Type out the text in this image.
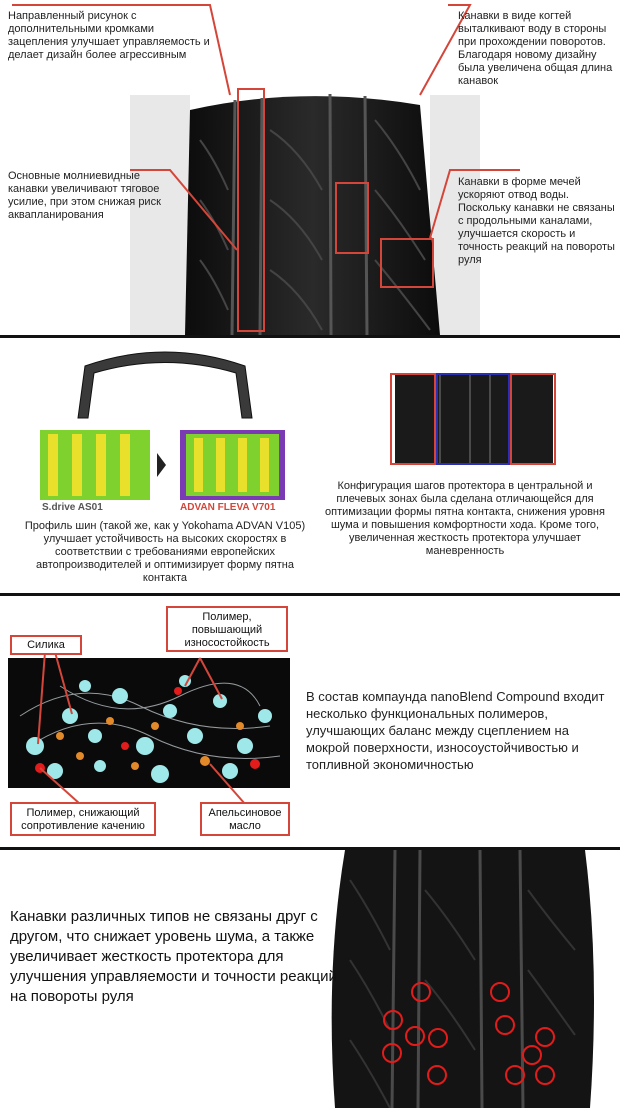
Направленный рисунок с дополнительными кромками зацепления улучшает управляемость и делает дизайн более агрессивным
Канавки в виде когтей выталкивают воду в стороны при прохождении поворотов. Благодаря новому дизайну была увеличена общая длина канавок
Основные молниевидные канавки увеличивают тяговое усилие, при этом снижая риск аквапланирования
Канавки в форме мечей ускоряют отвод воды. Поскольку канавки не связаны с продольными каналами, улучшается скорость и точность реакций на повороты руля
S.drive AS01	ADVAN FLEVA V701
Профиль шин (такой же, как у Yokohama ADVAN V105) улучшает устойчивость на высоких скоростях в соответствии с требованиями европейских автопроизводителей и оптимизирует форму пятна контакта
Конфигурация шагов протектора в центральной и плечевых зонах была сделана отличающейся для оптимизации формы пятна контакта, снижения уровня шума и повышения комфортности хода. Кроме того, увеличенная жесткость протектора улучшает маневренность
Полимер, повышающий износостойкость
Силика
Полимер, снижающий сопротивление качению
Апельсиновое масло
В состав компаунда nanoBlend Compound входит несколько функциональных полимеров, улучшающих баланс между сцеплением на мокрой поверхности, износоустойчивостью и топливной экономичностью
Канавки различных типов не связаны друг с другом, что снижает уровень шума, а также увеличивает жесткость протектора для улучшения управляемости и точности реакций на повороты руля
